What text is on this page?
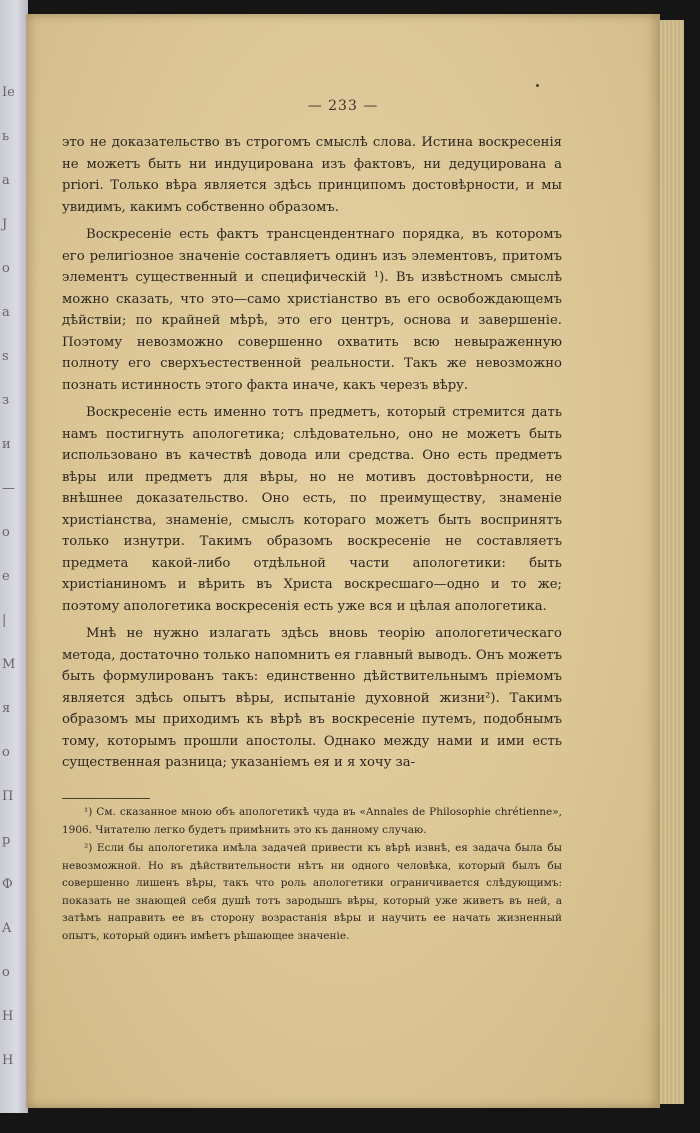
Ie
ь
a
J
o
a
s
з
и
—
о
e
|
M
я
о
Π
р
Ф
A
o
Н
Н
— 233 —

это не доказательство въ строгомъ смыслѣ слова. Истина воскресенія не можетъ быть ни индуцирована изъ фактовъ, ни дедуцирована a priori. Только вѣра является здѣсь принципомъ достовѣрности, и мы увидимъ, какимъ собственно образомъ.

Воскресеніе есть фактъ трансцендентнаго порядка, въ которомъ его религіозное значеніе составляетъ одинъ изъ элементовъ, притомъ элементъ существенный и специфическій ¹). Въ извѣстномъ смыслѣ можно сказать, что это—само христіанство въ его освобождающемъ дѣйствіи; по крайней мѣрѣ, это его центръ, основа и завершеніе. Поэтому невозможно совершенно охватить всю невыраженную полноту его сверхъестественной реальности. Такъ же невозможно познать истинность этого факта иначе, какъ черезъ вѣру.

Воскресеніе есть именно тотъ предметъ, который стремится дать намъ постигнуть апологетика; слѣдовательно, оно не можетъ быть использовано въ качествѣ довода или средства. Оно есть предметъ вѣры или предметъ для вѣры, но не мотивъ достовѣрности, не внѣшнее доказательство. Оно есть, по преимуществу, знаменіе христіанства, знаменіе, смыслъ котораго можетъ быть воспринятъ только изнутри. Такимъ образомъ воскресеніе не составляетъ предмета какой-либо отдѣльной части апологетики: быть христіаниномъ и вѣрить въ Христа воскресшаго—одно и то же; поэтому апологетика воскресенія есть уже вся и цѣлая апологетика.

Мнѣ не нужно излагать здѣсь вновь теорію апологетическаго метода, достаточно только напомнить ея главный выводъ. Онъ можетъ быть формулированъ такъ: единственно дѣйствительнымъ пріемомъ является здѣсь опытъ вѣры, испытаніе духовной жизни²). Такимъ образомъ мы приходимъ къ вѣрѣ въ воскресеніе путемъ, подобнымъ тому, которымъ прошли апостолы. Однако между нами и ими есть существенная разница; указаніемъ ея и я хочу за-

¹) См. сказанное мною объ апологетикѣ чуда въ «Annales de Philosophie chrétienne», 1906. Читателю легко будетъ примѣнить это къ данному случаю.

²) Если бы апологетика имѣла задачей привести къ вѣрѣ извнѣ, ея задача была бы невозможной. Но въ дѣйствительности нѣтъ ни одного человѣка, который былъ бы совершенно лишенъ вѣры, такъ что роль апологетики ограничивается слѣдующимъ: показать не знающей себя душѣ тотъ зародышъ вѣры, который уже живетъ въ ней, а затѣмъ направить ее въ сторону возрастанія вѣры и научить ее начать жизненный опытъ, который одинъ имѣетъ рѣшающее значеніе.
